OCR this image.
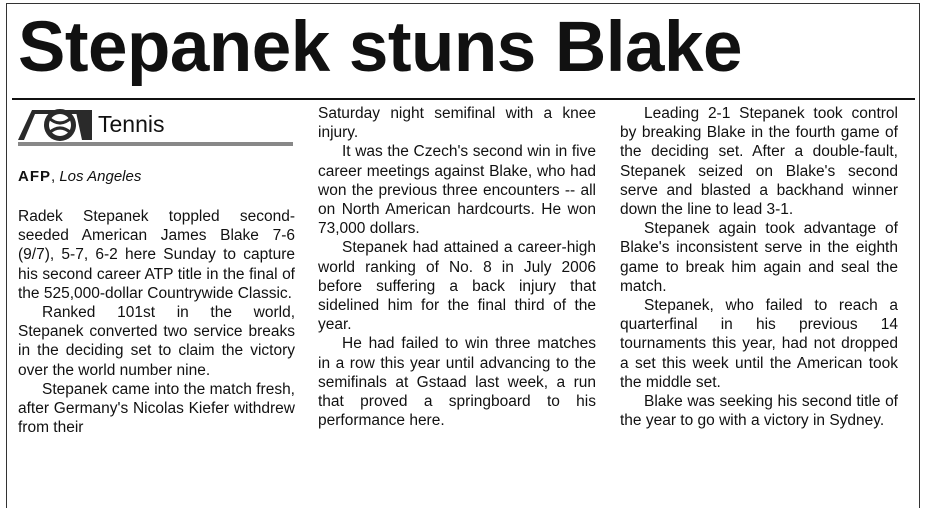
Stepanek stuns Blake
Tennis
AFP, Los Angeles

Radek Stepanek toppled second-seeded American James Blake 7-6 (9/7), 5-7, 6-2 here Sunday to capture his second career ATP title in the final of the 525,000-dollar Countrywide Classic.

Ranked 101st in the world, Stepanek converted two service breaks in the deciding set to claim the victory over the world number nine.

Stepanek came into the match fresh, after Germany's Nicolas Kiefer withdrew from their

Saturday night semifinal with a knee injury.

It was the Czech's second win in five career meetings against Blake, who had won the previous three encounters -- all on North American hardcourts. He won 73,000 dollars.

Stepanek had attained a career-high world ranking of No. 8 in July 2006 before suffering a back injury that sidelined him for the final third of the year.

He had failed to win three matches in a row this year until advancing to the semifinals at Gstaad last week, a run that proved a springboard to his performance here.

Leading 2-1 Stepanek took control by breaking Blake in the fourth game of the deciding set. After a double-fault, Stepanek seized on Blake's second serve and blasted a backhand winner down the line to lead 3-1.

Stepanek again took advantage of Blake's inconsistent serve in the eighth game to break him again and seal the match.

Stepanek, who failed to reach a quarterfinal in his previous 14 tournaments this year, had not dropped a set this week until the American took the middle set.

Blake was seeking his second title of the year to go with a victory in Sydney.
